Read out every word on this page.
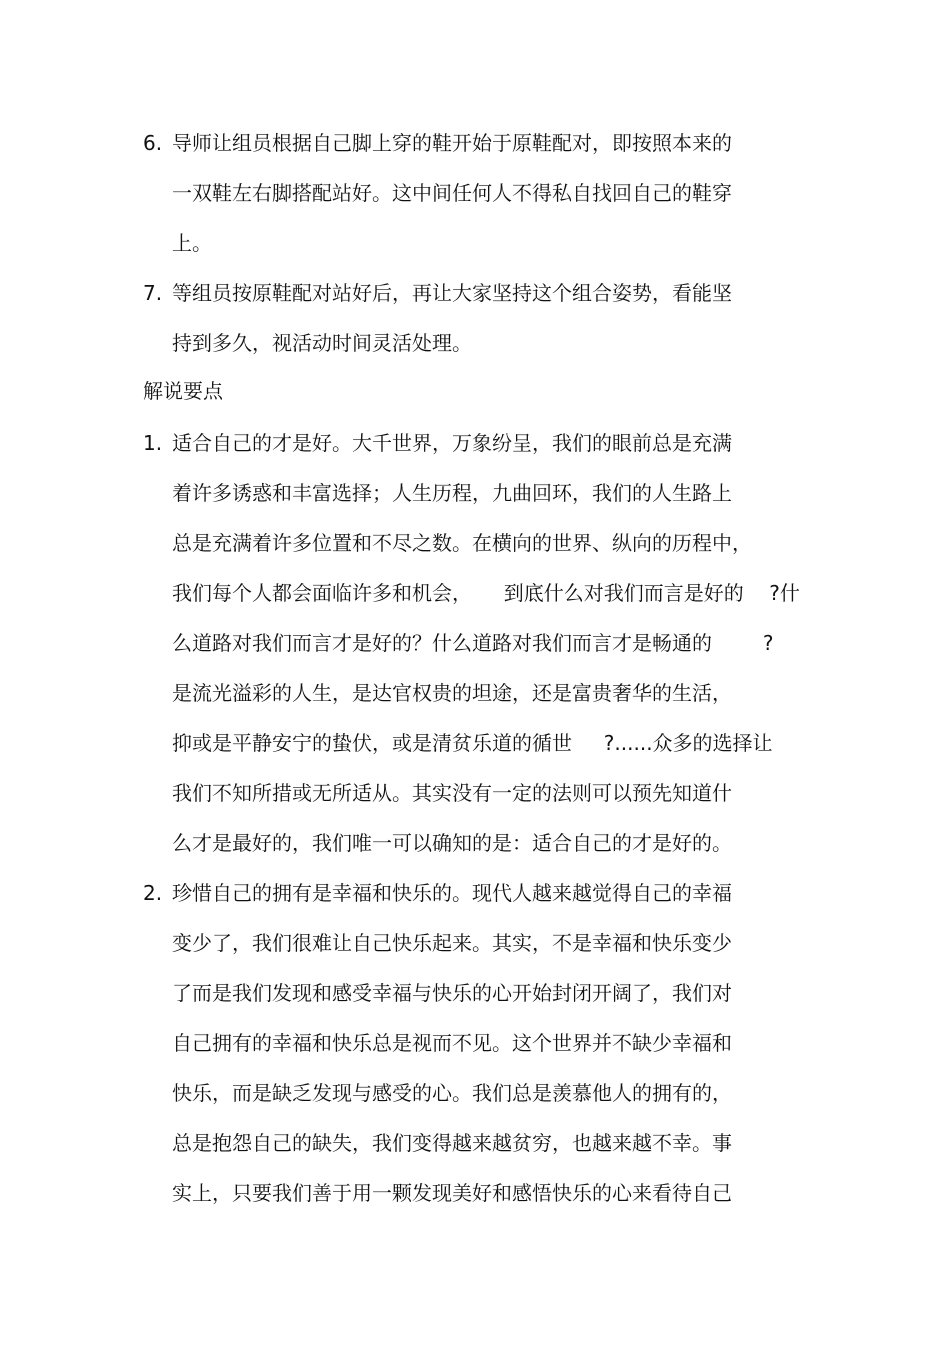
6. 导师让组员根据自己脚上穿的鞋开始于原鞋配对，即按照本来的
一双鞋左右脚搭配站好。这中间任何人不得私自找回自己的鞋穿
上。
7. 等组员按原鞋配对站好后，再让大家坚持这个组合姿势，看能坚
持到多久，视活动时间灵活处理。
解说要点
1. 适合自己的才是好。大千世界，万象纷呈，我们的眼前总是充满
着许多诱惑和丰富选择；人生历程，九曲回环，我们的人生路上
总是充满着许多位置和不尽之数。在横向的世界、纵向的历程中，
我们每个人都会面临许多和机会，     到底什么对我们而言是好的    ?什
么道路对我们而言才是好的？什么道路对我们而言才是畅通的        ?
是流光溢彩的人生，是达官权贵的坦途，还是富贵奢华的生活，
抑或是平静安宁的蛰伏，或是清贫乐道的循世     ?......众多的选择让
我们不知所措或无所适从。其实没有一定的法则可以预先知道什
么才是最好的，我们唯一可以确知的是：适合自己的才是好的。
2. 珍惜自己的拥有是幸福和快乐的。现代人越来越觉得自己的幸福
变少了，我们很难让自己快乐起来。其实，不是幸福和快乐变少
了而是我们发现和感受幸福与快乐的心开始封闭开阔了，我们对
自己拥有的幸福和快乐总是视而不见。这个世界并不缺少幸福和
快乐，而是缺乏发现与感受的心。我们总是羡慕他人的拥有的，
总是抱怨自己的缺失，我们变得越来越贫穷，也越来越不幸。事
实上，只要我们善于用一颗发现美好和感悟快乐的心来看待自己
